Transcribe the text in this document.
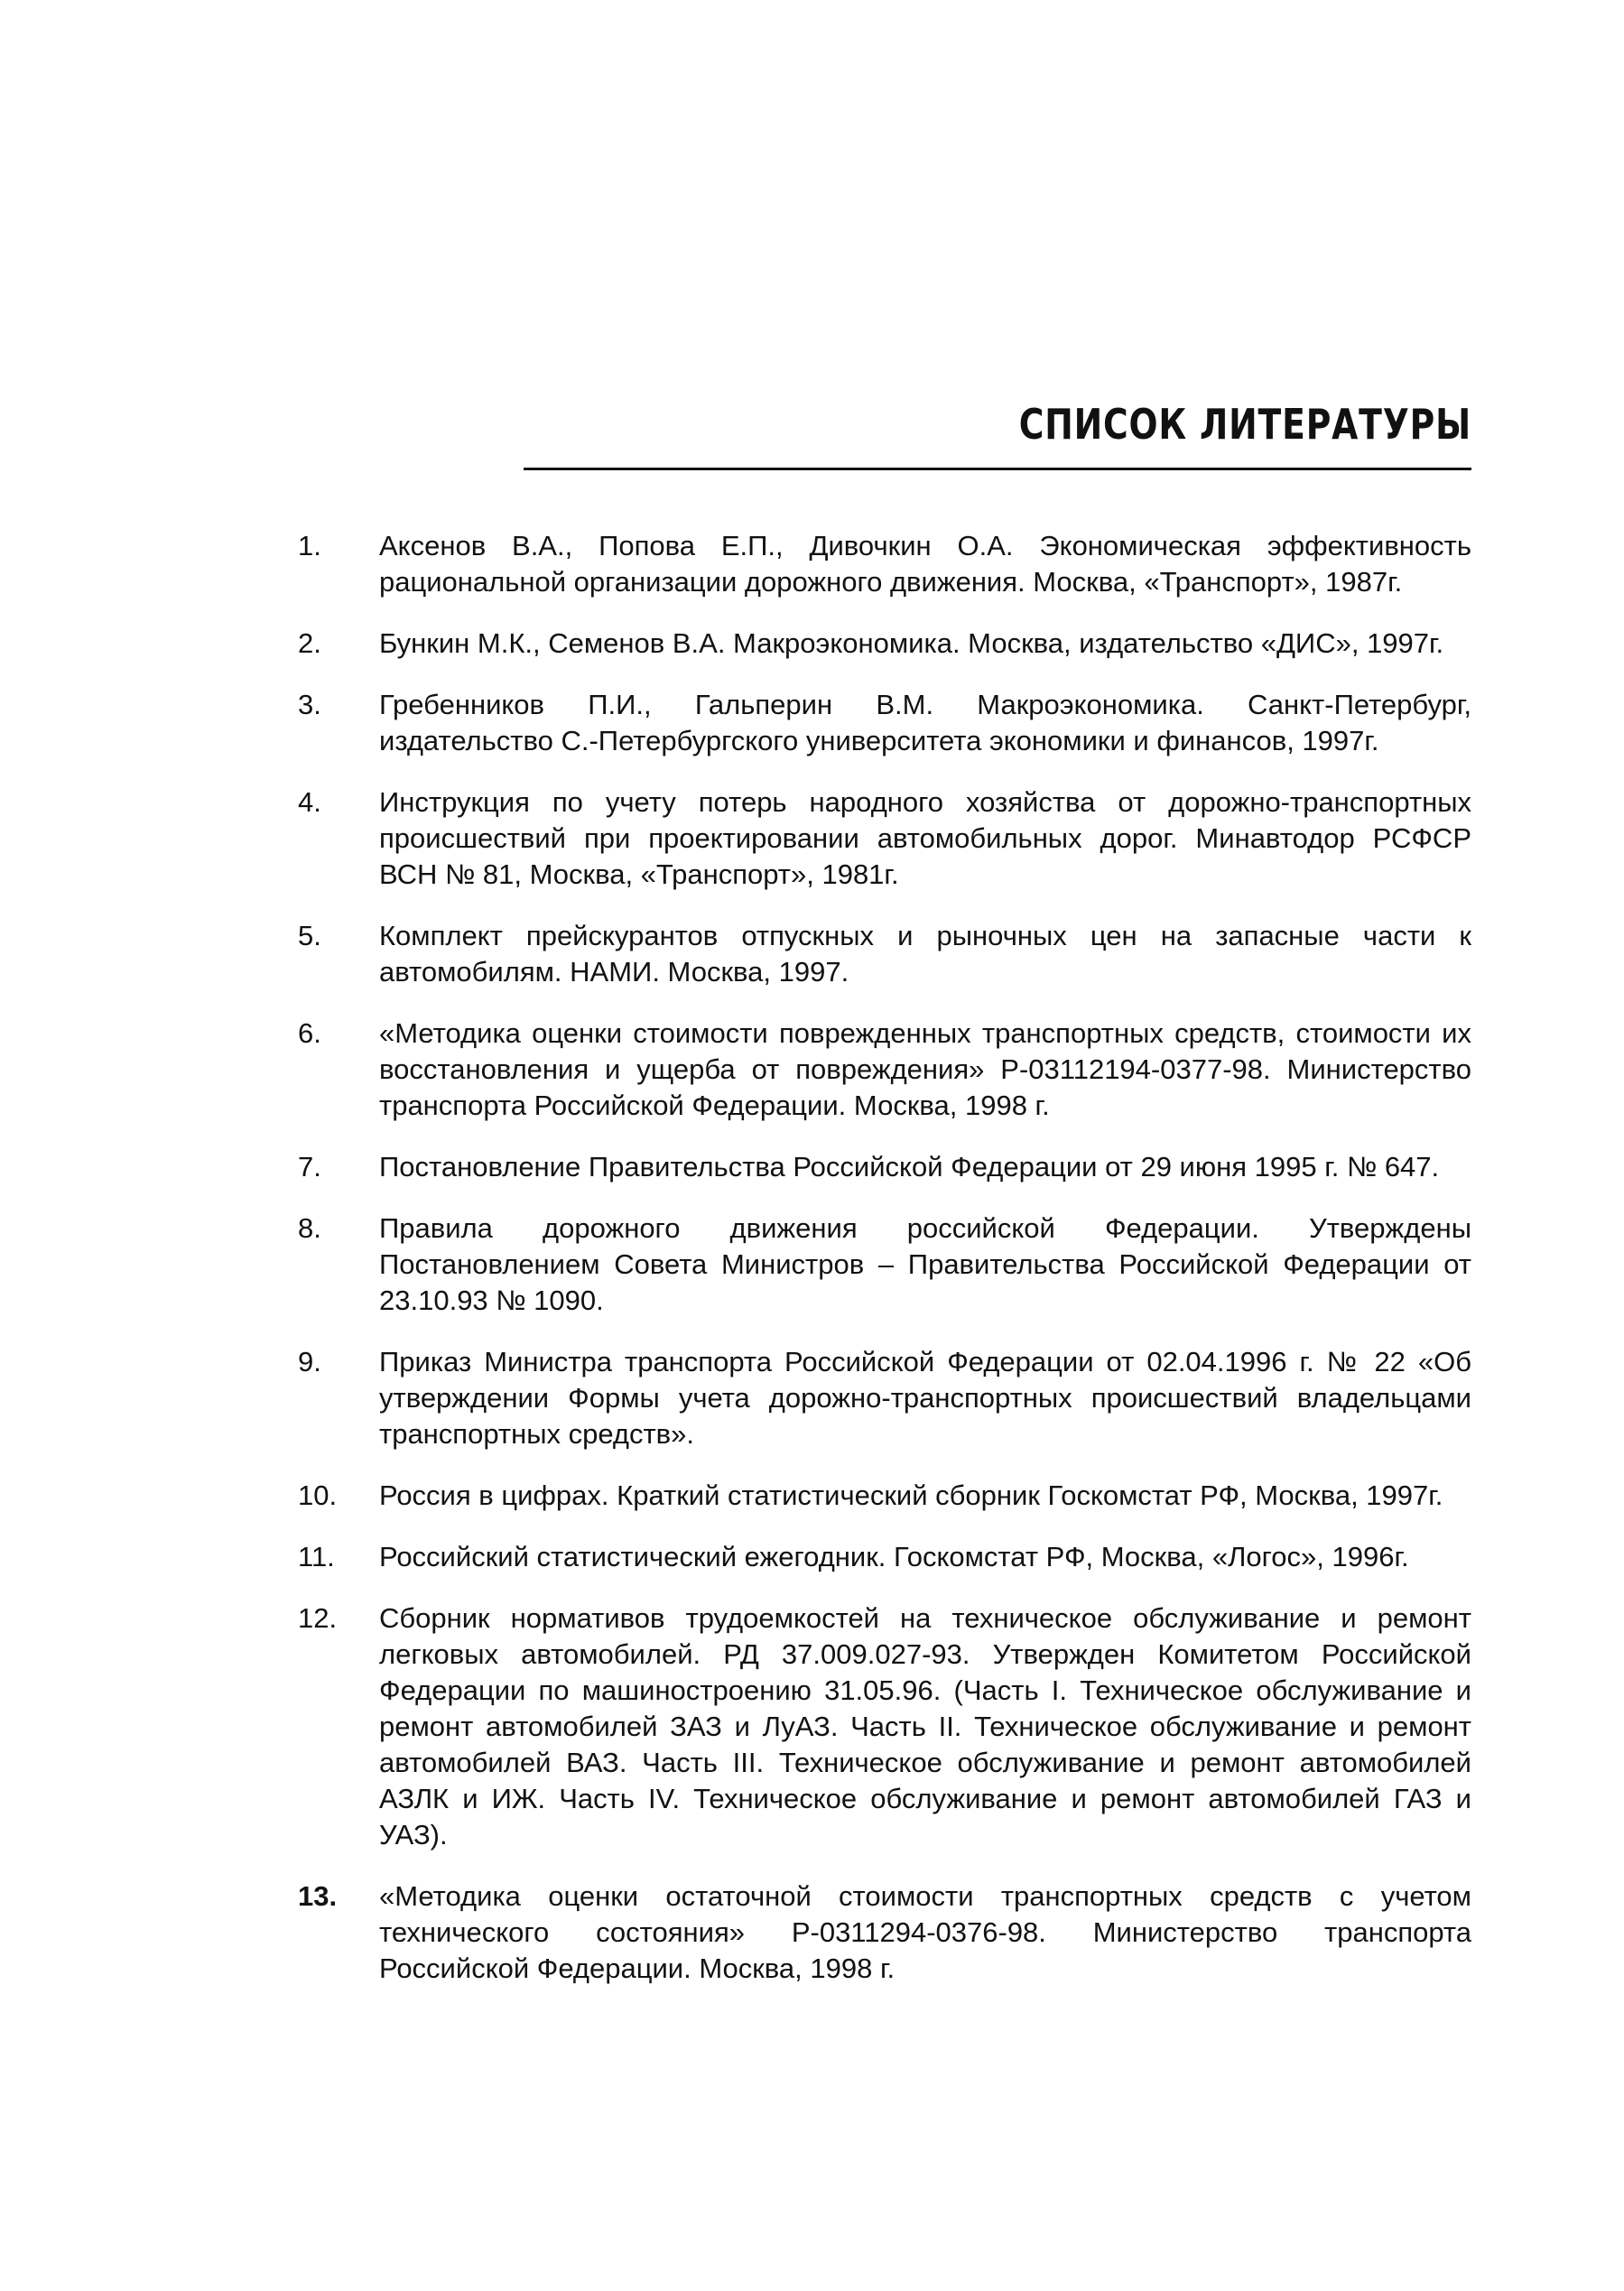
СПИСОК ЛИТЕРАТУРЫ
1.	Аксенов В.А., Попова Е.П., Дивочкин О.А. Экономическая эффективность рациональной организации дорожного движения. Москва, «Транспорт», 1987г.
2.	Бункин М.К., Семенов В.А. Макроэкономика. Москва, издательство «ДИС», 1997г.
3.	Гребенников П.И., Гальперин В.М. Макроэкономика. Санкт-Петербург, издательство С.-Петербургского университета экономики и финансов, 1997г.
4.	Инструкция по учету потерь народного хозяйства от дорожно-транспортных происшествий при проектировании автомобильных дорог. Минавтодор РСФСР ВСН № 81, Москва, «Транспорт», 1981г.
5.	Комплект прейскурантов отпускных и рыночных цен на запасные части к автомобилям. НАМИ. Москва, 1997.
6.	«Методика оценки стоимости поврежденных транспортных средств, стоимости их восстановления и ущерба от повреждения» Р-03112194-0377-98. Министерство транспорта Российской Федерации. Москва, 1998 г.
7.	Постановление Правительства Российской Федерации от 29 июня 1995 г. № 647.
8.	Правила дорожного движения российской Федерации. Утверждены Постановлением Совета Министров – Правительства Российской Федерации от 23.10.93 № 1090.
9.	Приказ Министра транспорта Российской Федерации от 02.04.1996 г. № 22 «Об утверждении Формы учета дорожно-транспортных происшествий владельцами транспортных средств».
10.	Россия в цифрах. Краткий статистический сборник Госкомстат РФ, Москва, 1997г.
11.	Российский статистический ежегодник. Госкомстат РФ, Москва, «Логос», 1996г.
12.	Сборник нормативов трудоемкостей на техническое обслуживание и ремонт легковых автомобилей. РД 37.009.027-93. Утвержден Комитетом Российской Федерации по машиностроению 31.05.96. (Часть I. Техническое обслуживание и ремонт автомобилей ЗАЗ и ЛуАЗ. Часть II. Техническое обслуживание и ремонт автомобилей ВАЗ. Часть III. Техническое обслуживание и ремонт автомобилей АЗЛК и ИЖ. Часть IV. Техническое обслуживание и ремонт автомобилей ГАЗ и УАЗ).
13.	«Методика оценки остаточной стоимости транспортных средств с учетом технического состояния» Р-0311294-0376-98. Министерство транспорта Российской Федерации. Москва, 1998 г.
